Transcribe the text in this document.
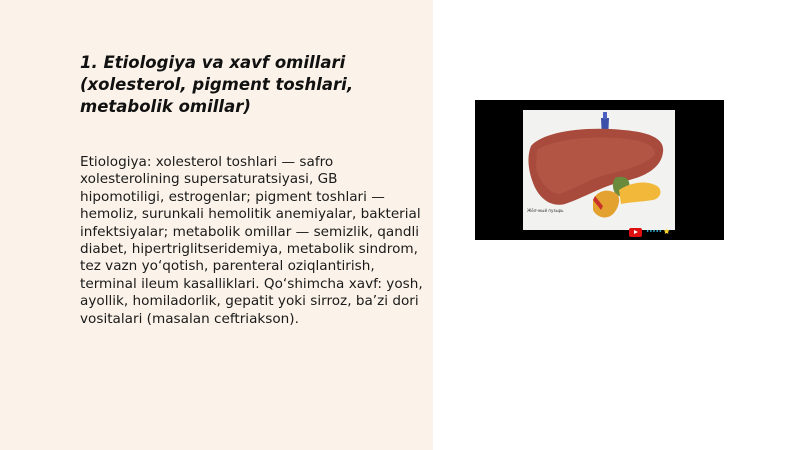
1. Etiologiya va xavf omillari (xolesterol, pigment toshlari, metabolik omillar)

Etiologiya: xolesterol toshlari — safro xolesterolining supersaturatsiyasi, GB hipomotiligi, estrogenlar; pigment toshlari — hemoliz, surunkali hemolitik anemiyalar, bakterial infektsiyalar; metabolik omillar — semizlik, qandli diabet, hipertriglitseridemiya, metabolik sindrom, tez vazn yo‘qotish, parenteral oziqlantirish, terminal ileum kasalliklari. Qo‘shimcha xavf: yosh, ayollik, homiladorlik, gepatit yoki sirroz, ba’zi dori vositalari (masalan ceftriakson).

Жёлчный пузырь
••••• ⭐
